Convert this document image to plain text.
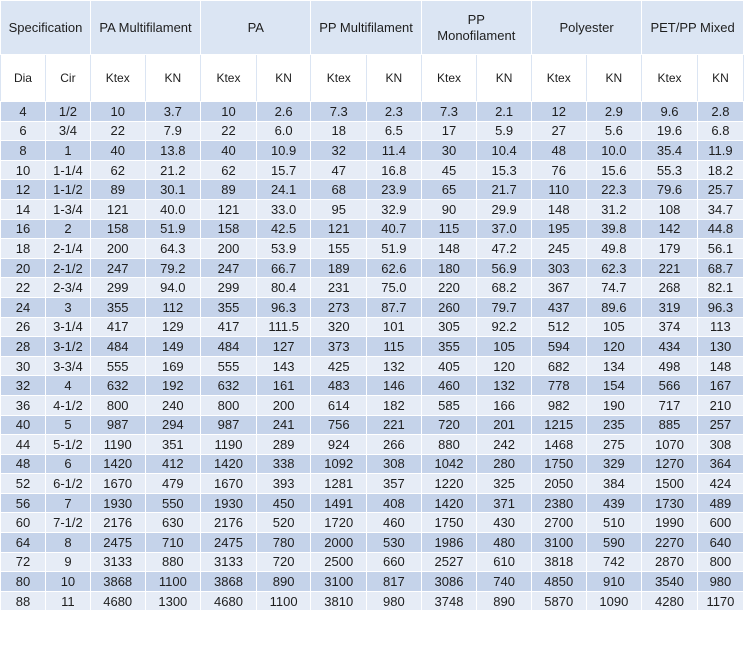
Specification		PA Multifilament		PA		PP Multifilament		PP Monofilament		Polyester		PET/PP Mixed	
Dia	Cir	Ktex	KN	Ktex	KN	Ktex	KN	Ktex	KN	Ktex	KN	Ktex	KN
4	1/2	10	3.7	10	2.6	7.3	2.3	7.3	2.1	12	2.9	9.6	2.8
6	3/4	22	7.9	22	6.0	18	6.5	17	5.9	27	5.6	19.6	6.8
8	1	40	13.8	40	10.9	32	11.4	30	10.4	48	10.0	35.4	11.9
10	1-1/4	62	21.2	62	15.7	47	16.8	45	15.3	76	15.6	55.3	18.2
12	1-1/2	89	30.1	89	24.1	68	23.9	65	21.7	110	22.3	79.6	25.7
14	1-3/4	121	40.0	121	33.0	95	32.9	90	29.9	148	31.2	108	34.7
16	2	158	51.9	158	42.5	121	40.7	115	37.0	195	39.8	142	44.8
18	2-1/4	200	64.3	200	53.9	155	51.9	148	47.2	245	49.8	179	56.1
20	2-1/2	247	79.2	247	66.7	189	62.6	180	56.9	303	62.3	221	68.7
22	2-3/4	299	94.0	299	80.4	231	75.0	220	68.2	367	74.7	268	82.1
24	3	355	112	355	96.3	273	87.7	260	79.7	437	89.6	319	96.3
26	3-1/4	417	129	417	111.5	320	101	305	92.2	512	105	374	113
28	3-1/2	484	149	484	127	373	115	355	105	594	120	434	130
30	3-3/4	555	169	555	143	425	132	405	120	682	134	498	148
32	4	632	192	632	161	483	146	460	132	778	154	566	167
36	4-1/2	800	240	800	200	614	182	585	166	982	190	717	210
40	5	987	294	987	241	756	221	720	201	1215	235	885	257
44	5-1/2	1190	351	1190	289	924	266	880	242	1468	275	1070	308
48	6	1420	412	1420	338	1092	308	1042	280	1750	329	1270	364
52	6-1/2	1670	479	1670	393	1281	357	1220	325	2050	384	1500	424
56	7	1930	550	1930	450	1491	408	1420	371	2380	439	1730	489
60	7-1/2	2176	630	2176	520	1720	460	1750	430	2700	510	1990	600
64	8	2475	710	2475	780	2000	530	1986	480	3100	590	2270	640
72	9	3133	880	3133	720	2500	660	2527	610	3818	742	2870	800
80	10	3868	1100	3868	890	3100	817	3086	740	4850	910	3540	980
88	11	4680	1300	4680	1100	3810	980	3748	890	5870	1090	4280	1170
